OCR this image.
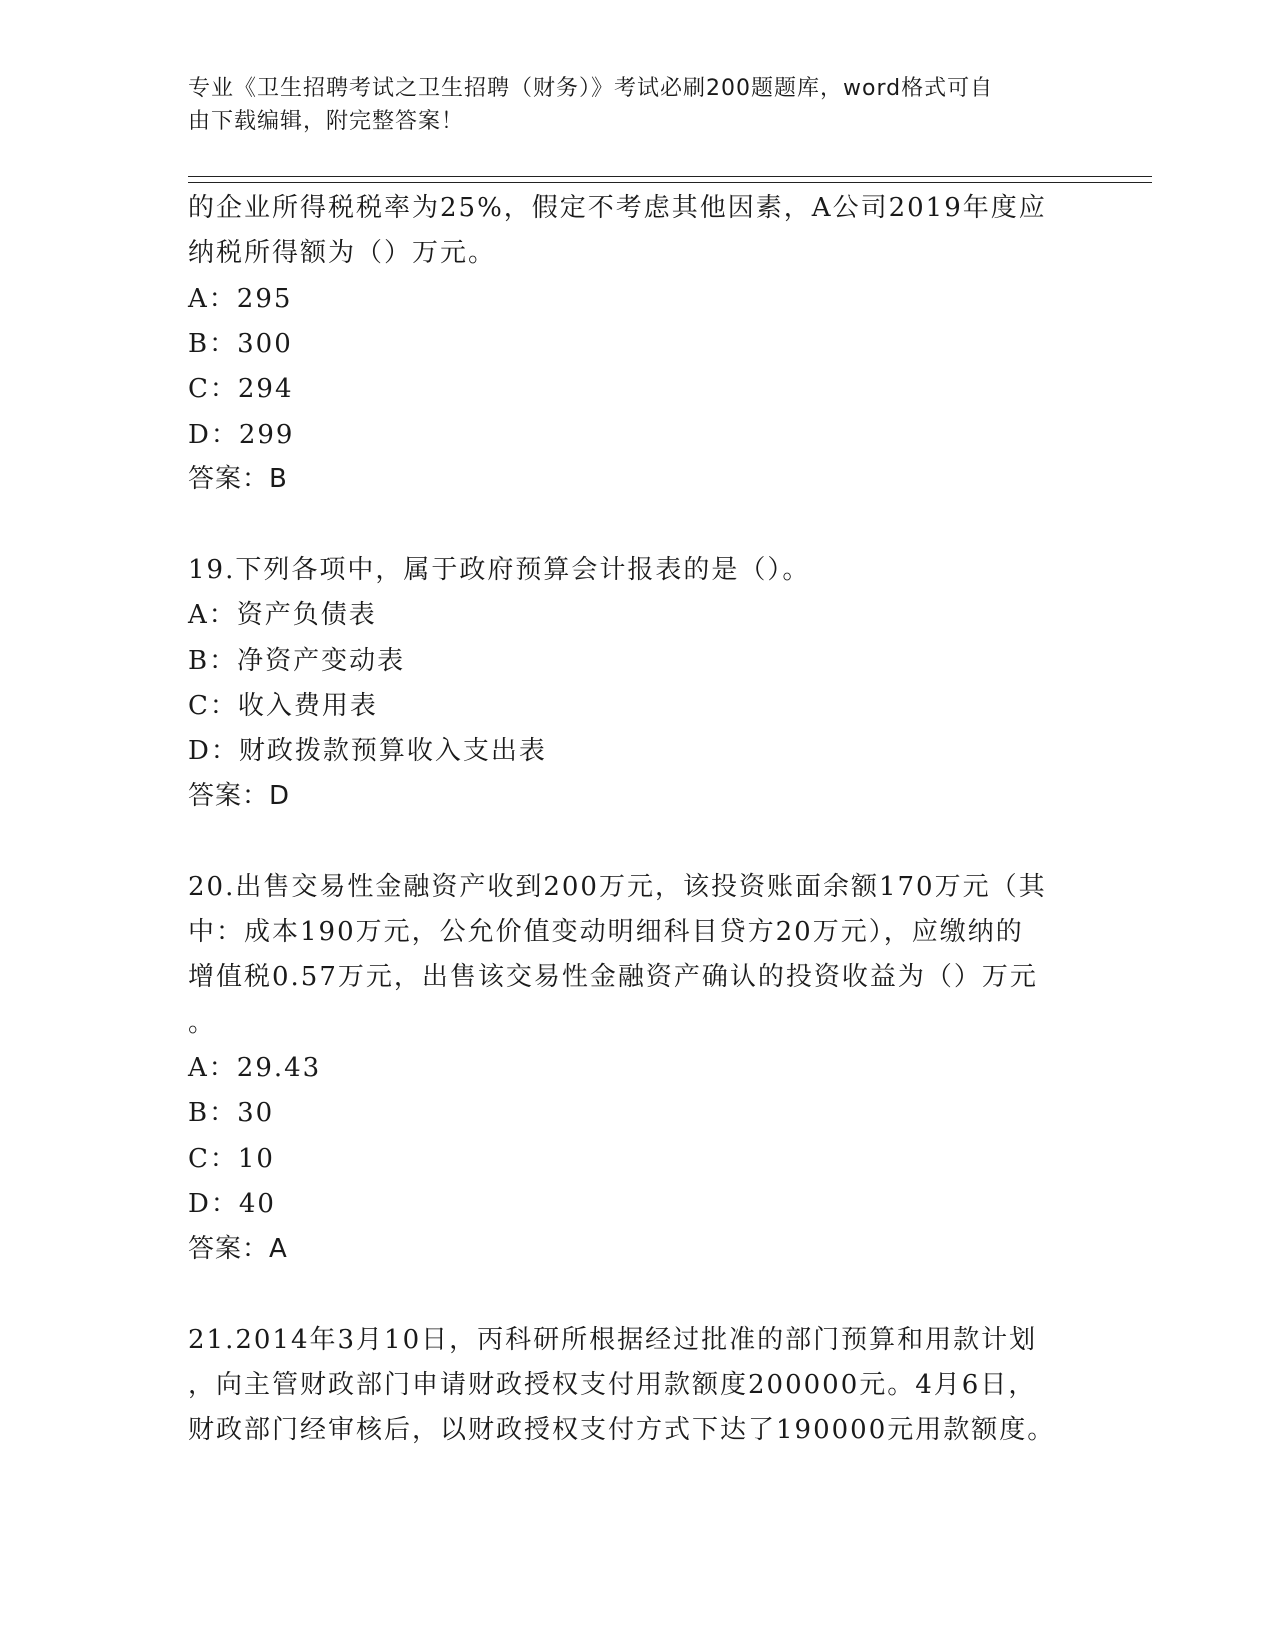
专业《卫生招聘考试之卫生招聘（财务）》考试必刷200题题库，word格式可自
由下载编辑，附完整答案！
的企业所得税税率为25%，假定不考虑其他因素，A公司2019年度应
纳税所得额为（）万元。
A：295
B：300
C：294
D：299
答案：B
19.下列各项中，属于政府预算会计报表的是（）。
A：资产负债表
B：净资产变动表
C：收入费用表
D：财政拨款预算收入支出表
答案：D
20.出售交易性金融资产收到200万元，该投资账面余额170万元（其
中：成本190万元，公允价值变动明细科目贷方20万元），应缴纳的
增值税0.57万元，出售该交易性金融资产确认的投资收益为（）万元
。
A：29.43
B：30
C：10
D：40
答案：A
21.2014年3月10日，丙科研所根据经过批准的部门预算和用款计划
，向主管财政部门申请财政授权支付用款额度200000元。4月6日，
财政部门经审核后，以财政授权支付方式下达了190000元用款额度。
